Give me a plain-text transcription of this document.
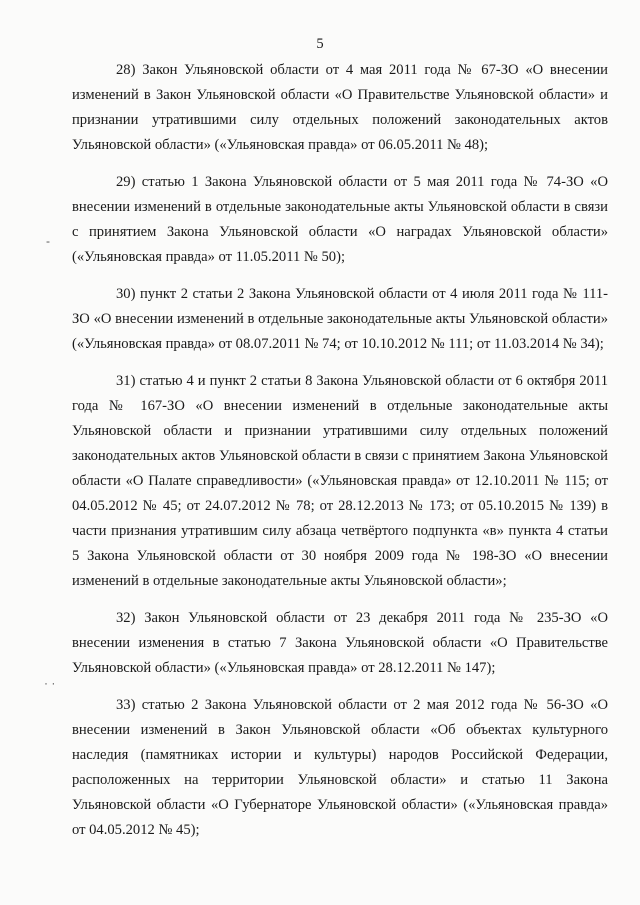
5
-
· ·

28) Закон Ульяновской области от 4 мая 2011 года № 67-ЗО «О внесении изменений в Закон Ульяновской области «О Правительстве Ульяновской области» и признании утратившими силу отдельных положений законодательных актов Ульяновской области» («Ульяновская правда» от 06.05.2011 № 48);

29) статью 1 Закона Ульяновской области от 5 мая 2011 года № 74-ЗО «О внесении изменений в отдельные законодательные акты Ульяновской области в связи с принятием Закона Ульяновской области «О наградах Ульяновской области» («Ульяновская правда» от 11.05.2011 № 50);

30) пункт 2 статьи 2 Закона Ульяновской области от 4 июля 2011 года № 111-ЗО «О внесении изменений в отдельные законодательные акты Ульяновской области» («Ульяновская правда» от 08.07.2011 № 74; от 10.10.2012 № 111; от 11.03.2014 № 34);

31) статью 4 и пункт 2 статьи 8 Закона Ульяновской области от 6 октября 2011 года № 167-ЗО «О внесении изменений в отдельные законодательные акты Ульяновской области и признании утратившими силу отдельных положений законодательных актов Ульяновской области в связи с принятием Закона Ульяновской области «О Палате справедливости» («Ульяновская правда» от 12.10.2011 № 115; от 04.05.2012 № 45; от 24.07.2012 № 78; от 28.12.2013 № 173; от 05.10.2015 № 139) в части признания утратившим силу абзаца четвёртого подпункта «в» пункта 4 статьи 5 Закона Ульяновской области от 30 ноября 2009 года № 198-ЗО «О внесении изменений в отдельные законодательные акты Ульяновской области»;

32) Закон Ульяновской области от 23 декабря 2011 года № 235-ЗО «О внесении изменения в статью 7 Закона Ульяновской области «О Правительстве Ульяновской области» («Ульяновская правда» от 28.12.2011 № 147);

33) статью 2 Закона Ульяновской области от 2 мая 2012 года № 56-ЗО «О внесении изменений в Закон Ульяновской области «Об объектах культурного наследия (памятниках истории и культуры) народов Российской Федерации, расположенных на территории Ульяновской области» и статью 11 Закона Ульяновской области «О Губернаторе Ульяновской области» («Ульяновская правда» от 04.05.2012 № 45);
